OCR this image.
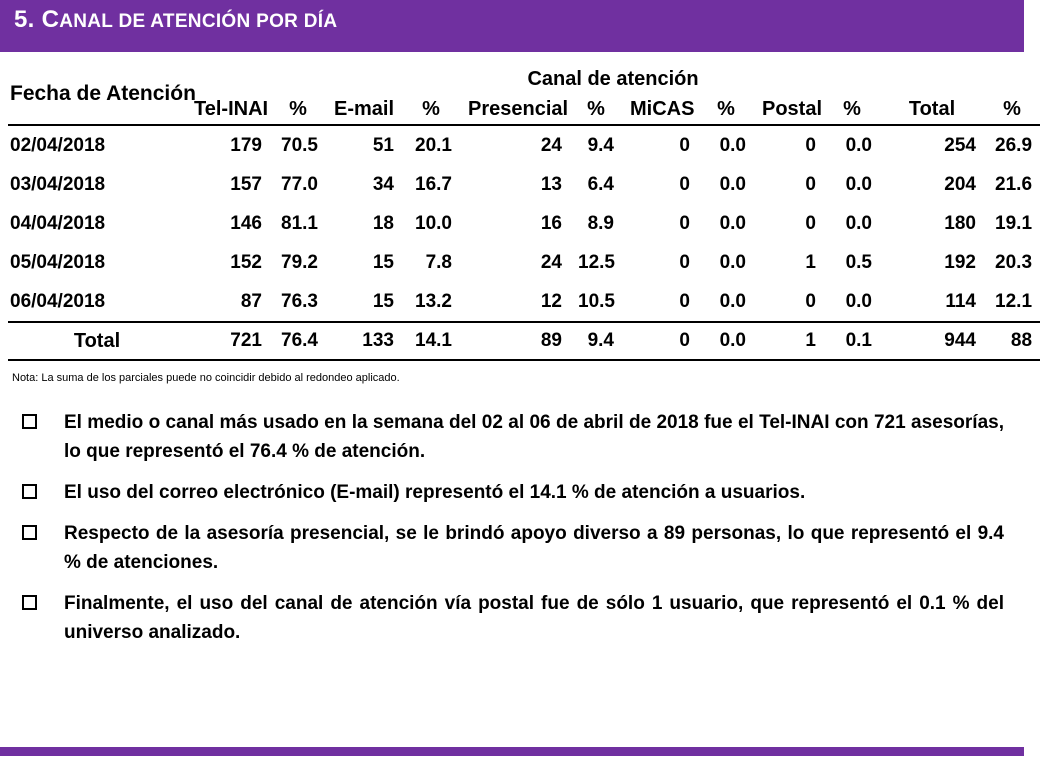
5. CANAL DE ATENCIÓN POR DÍA
Fecha de Atención	Canal de atención											
	Tel-INAI	%	E-mail	%	Presencial	%	MiCAS	%	Postal	%	Total	%
02/04/2018	179	70.5	51	20.1	24	9.4	0	0.0	0	0.0	254	26.9
03/04/2018	157	77.0	34	16.7	13	6.4	0	0.0	0	0.0	204	21.6
04/04/2018	146	81.1	18	10.0	16	8.9	0	0.0	0	0.0	180	19.1
05/04/2018	152	79.2	15	7.8	24	12.5	0	0.0	1	0.5	192	20.3
06/04/2018	87	76.3	15	13.2	12	10.5	0	0.0	0	0.0	114	12.1
Total	721	76.4	133	14.1	89	9.4	0	0.0	1	0.1	944	88
Nota: La suma de los parciales puede no coincidir debido al redondeo aplicado.
El medio o canal más usado en la semana del 02 al 06 de abril de 2018 fue el Tel-INAI con 721 asesorías, lo que representó el 76.4 % de atención.
El uso del correo electrónico (E-mail) representó el 14.1 % de atención a usuarios.
Respecto de la asesoría presencial, se le brindó apoyo diverso a 89 personas, lo que representó el 9.4 % de atenciones.
Finalmente, el uso del canal de atención vía postal fue de sólo 1 usuario, que representó el 0.1 % del universo analizado.
